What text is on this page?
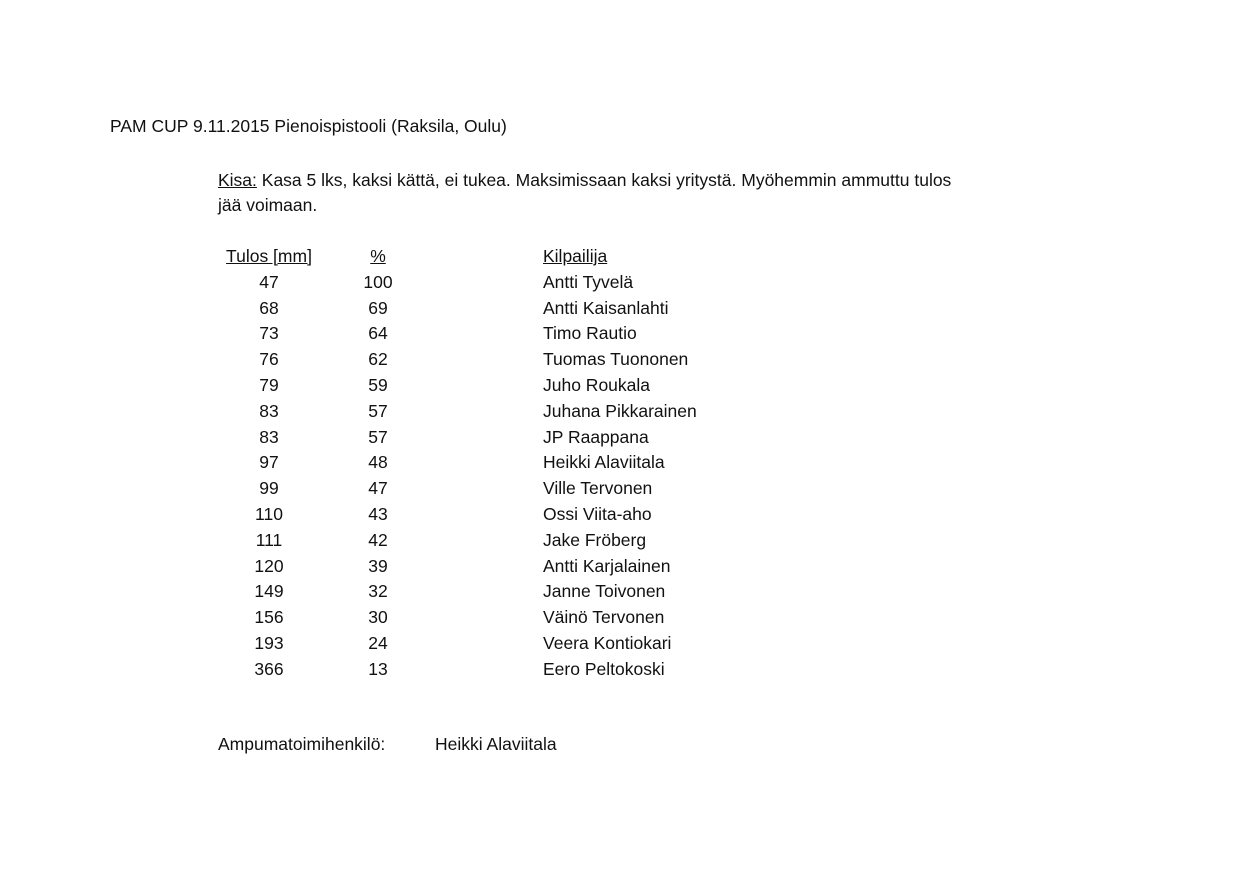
PAM CUP 9.11.2015 Pienoispistooli (Raksila, Oulu)
Kisa: Kasa 5 lks, kaksi kättä, ei tukea. Maksimissaan kaksi yritystä. Myöhemmin ammuttu tulos jää voimaan.
Tulos [mm]	%	Kilpailija
47	100	Antti Tyvelä
68	69	Antti Kaisanlahti
73	64	Timo Rautio
76	62	Tuomas Tuononen
79	59	Juho Roukala
83	57	Juhana Pikkarainen
83	57	JP Raappana
97	48	Heikki Alaviitala
99	47	Ville Tervonen
110	43	Ossi Viita-aho
111	42	Jake Fröberg
120	39	Antti Karjalainen
149	32	Janne Toivonen
156	30	Väinö Tervonen
193	24	Veera Kontiokari
366	13	Eero Peltokoski
Ampumatoimihenkilö:	Heikki Alaviitala
